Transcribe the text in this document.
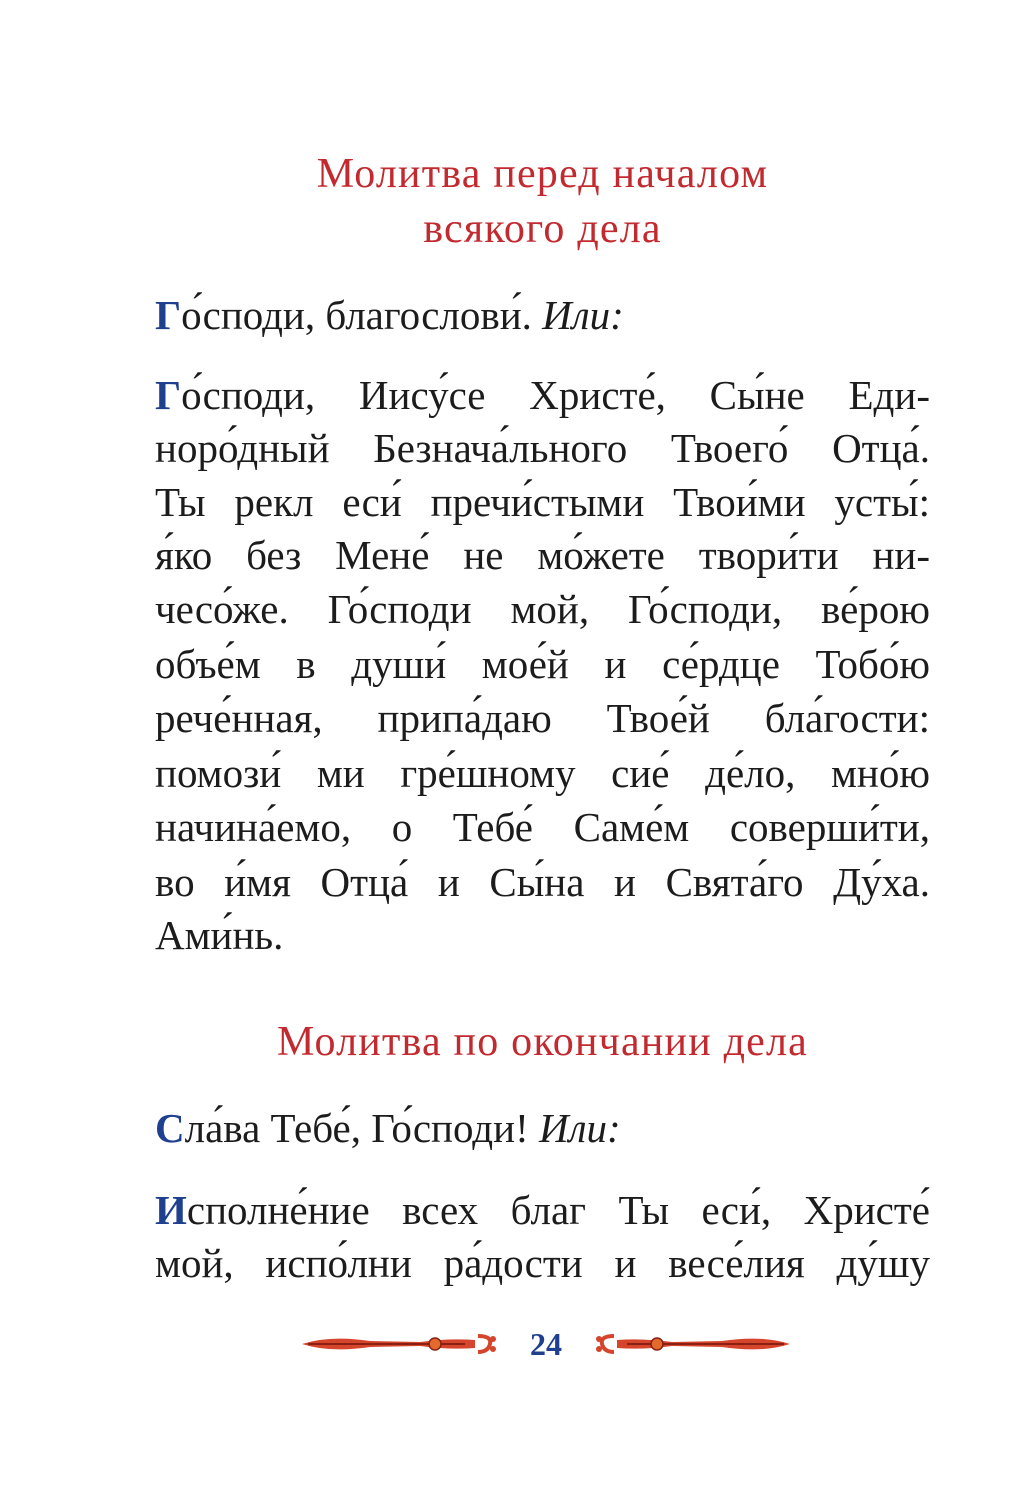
Молитва перед началом
всякого дела
Го́споди, благослови́. Или:
Го́споди, Иису́се Христе́, Сы́не Еди-
норо́дный Безнача́льного Твоего́ Отца́.
Ты рекл еси́ пречи́стыми Твои́ми усты́:
я́ко без Мене́ не мо́жете твори́ти ни-
чесо́же. Го́споди мой, Го́споди, ве́рою
объе́м в души́ мое́й и се́рдце Тобо́ю
рече́нная, припа́даю Твое́й бла́гости:
помози́ ми гре́шному сие́ де́ло, мно́ю
начина́емо, о Тебе́ Саме́м соверши́ти,
во и́мя Отца́ и Сы́на и Свята́го Ду́ха.
Ами́нь.
Молитва по окончании дела
Сла́ва Тебе́, Го́споди! Или:
Исполне́ние всех благ Ты еси́, Христе́
мой, испо́лни ра́дости и весе́лия ду́шу
24
